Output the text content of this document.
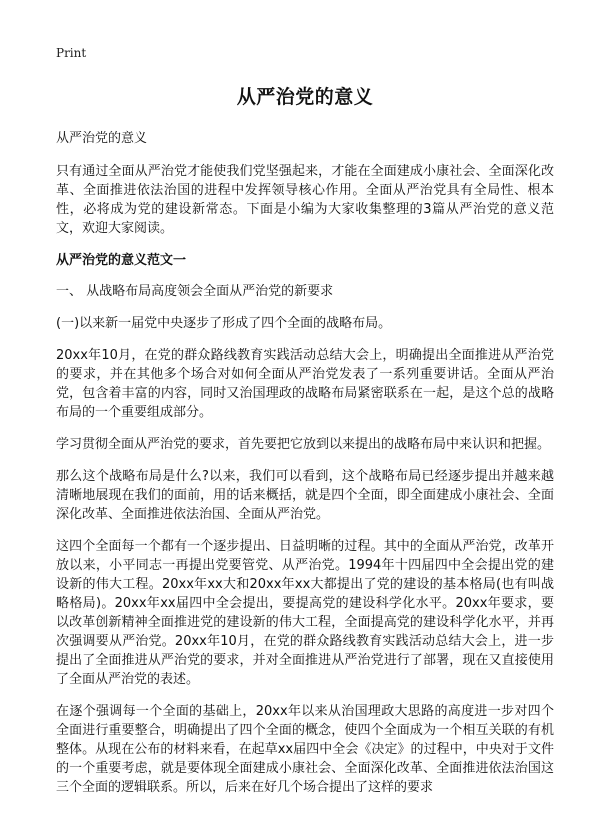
Print
从严治党的意义

从严治党的意义

只有通过全面从严治党才能使我们党坚强起来，才能在全面建成小康社会、全面深化改革、全面推进依法治国的进程中发挥领导核心作用。全面从严治党具有全局性、根本性，必将成为党的建设新常态。下面是小编为大家收集整理的3篇从严治党的意义范文，欢迎大家阅读。

从严治党的意义范文一

一、 从战略布局高度领会全面从严治党的新要求

(一)以来新一届党中央逐步了形成了四个全面的战略布局。

20xx年10月，在党的群众路线教育实践活动总结大会上，明确提出全面推进从严治党的要求，并在其他多个场合对如何全面从严治党发表了一系列重要讲话。全面从严治党，包含着丰富的内容，同时又治国理政的战略布局紧密联系在一起，是这个总的战略布局的一个重要组成部分。

学习贯彻全面从严治党的要求，首先要把它放到以来提出的战略布局中来认识和把握。

那么这个战略布局是什么?以来，我们可以看到，这个战略布局已经逐步提出并越来越清晰地展现在我们的面前，用的话来概括，就是四个全面，即全面建成小康社会、全面深化改革、全面推进依法治国、全面从严治党。

这四个全面每一个都有一个逐步提出、日益明晰的过程。其中的全面从严治党，改革开放以来，小平同志一再提出党要管党、从严治党。1994年十四届四中全会提出党的建设新的伟大工程。20xx年xx大和20xx年xx大都提出了党的建设的基本格局(也有叫战略格局)。20xx年xx届四中全会提出，要提高党的建设科学化水平。20xx年要求，要以改革创新精神全面推进党的建设新的伟大工程，全面提高党的建设科学化水平，并再次强调要从严治党。20xx年10月，在党的群众路线教育实践活动总结大会上，进一步提出了全面推进从严治党的要求，并对全面推进从严治党进行了部署，现在又直接使用了全面从严治党的表述。

在逐个强调每一个全面的基础上，20xx年以来从治国理政大思路的高度进一步对四个全面进行重要整合，明确提出了四个全面的概念，使四个全面成为一个相互关联的有机整体。从现在公布的材料来看，在起草xx届四中全会《决定》的过程中，中央对于文件的一个重要考虑，就是要体现全面建成小康社会、全面深化改革、全面推进依法治国这三个全面的逻辑联系。所以，后来在好几个场合提出了这样的要求
